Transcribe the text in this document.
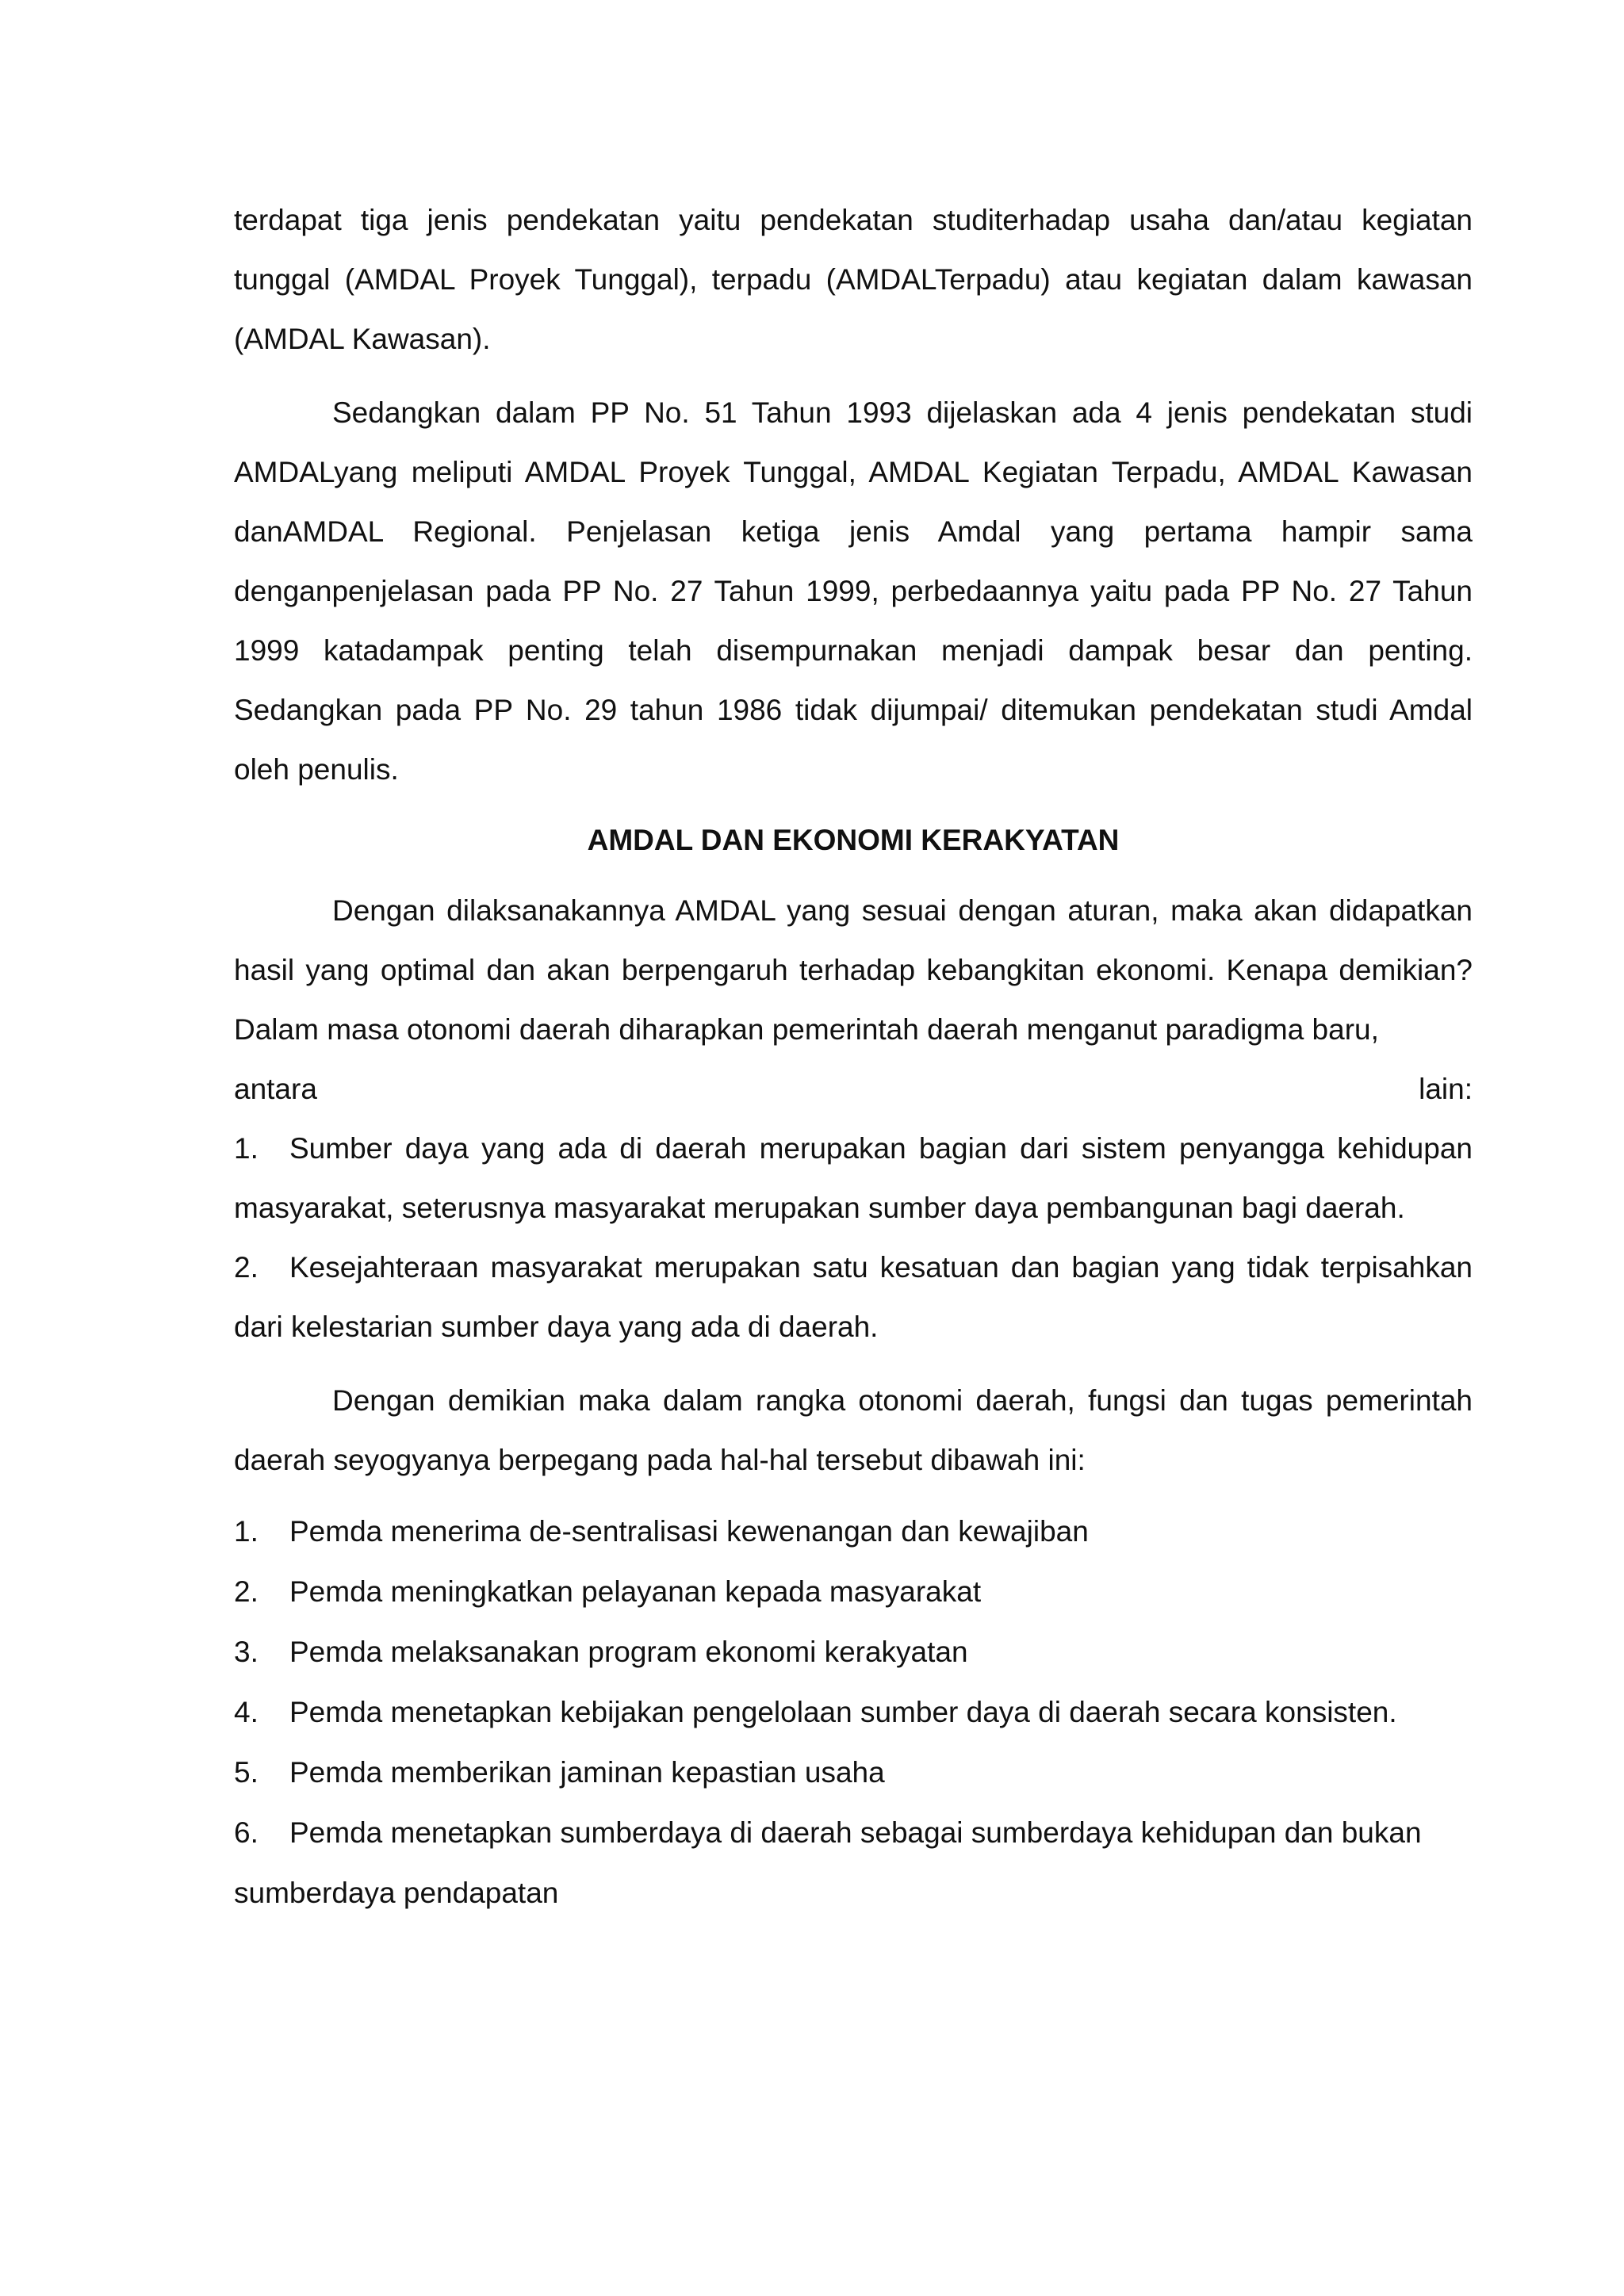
terdapat tiga jenis pendekatan yaitu pendekatan studiterhadap usaha dan/atau kegiatan tunggal (AMDAL Proyek Tunggal), terpadu (AMDALTerpadu) atau kegiatan dalam kawasan (AMDAL Kawasan).

Sedangkan dalam PP No. 51 Tahun 1993 dijelaskan ada 4 jenis pendekatan studi AMDALyang meliputi AMDAL Proyek Tunggal, AMDAL Kegiatan Terpadu, AMDAL Kawasan danAMDAL Regional. Penjelasan ketiga jenis Amdal yang pertama hampir sama denganpenjelasan pada PP No. 27 Tahun 1999, perbedaannya yaitu pada PP No. 27 Tahun 1999 katadampak penting telah disempurnakan menjadi dampak besar dan penting. Sedangkan pada PP No. 29 tahun 1986 tidak dijumpai/ ditemukan pendekatan studi Amdal oleh penulis.

AMDAL DAN EKONOMI KERAKYATAN

Dengan dilaksanakannya AMDAL yang sesuai dengan aturan, maka akan didapatkan hasil yang optimal dan akan berpengaruh terhadap kebangkitan ekonomi. Kenapa demikian? Dalam masa otonomi daerah diharapkan pemerintah daerah menganut paradigma baru,

antara	lain:

1. Sumber daya yang ada di daerah merupakan bagian dari sistem penyangga kehidupan masyarakat, seterusnya masyarakat merupakan sumber daya pembangunan bagi daerah.

2. Kesejahteraan masyarakat merupakan satu kesatuan dan bagian yang tidak terpisahkan dari kelestarian sumber daya yang ada di daerah.

Dengan demikian maka dalam rangka otonomi daerah, fungsi dan tugas pemerintah daerah seyogyanya berpegang pada hal-hal tersebut dibawah ini:

1. Pemda menerima de-sentralisasi kewenangan dan kewajiban
2. Pemda meningkatkan pelayanan kepada masyarakat
3. Pemda melaksanakan program ekonomi kerakyatan
4. Pemda menetapkan kebijakan pengelolaan sumber daya di daerah secara konsisten.
5. Pemda memberikan jaminan kepastian usaha
6. Pemda menetapkan sumberdaya di daerah sebagai sumberdaya kehidupan dan bukan sumberdaya pendapatan
